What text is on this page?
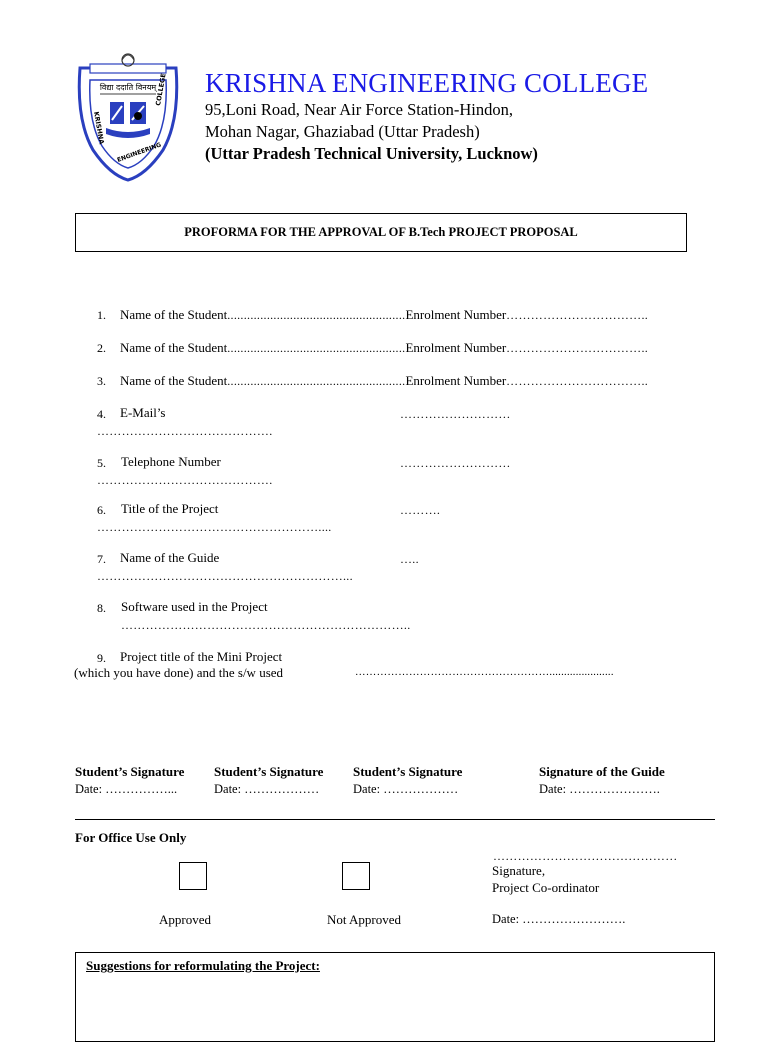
विद्या ददाति विनयम्
KRISHNA
ENGINEERING
COLLEGE KRISHNA ENGINEERING COLLEGE
95,Loni Road, Near Air Force Station-Hindon,
Mohan Nagar, Ghaziabad (Uttar Pradesh)
(Uttar Pradesh Technical University, Lucknow)
PROFORMA FOR THE APPROVAL OF B.Tech PROJECT PROPOSAL
1. Name of the Student......................................................Enrolment Number……………………………..
2. Name of the Student......................................................Enrolment Number……………………………..
3. Name of the Student......................................................Enrolment Number……………………………..
4. E-Mail’s	………………………
…………………………………….
5. Telephone Number	………………………
…………………………………….
6. Title of the Project	……….
………………………………………………....
7. Name of the Guide	…..
……………………………………………………...
8. Software used in the Project
……………………………………………………………..
9. Project title of the Mini Project
(which you have done) and the s/w used	………………………………………………......................
Student’s Signature
Date: ……………...
Student’s Signature
Date: ………………
Student’s Signature
Date: ………………
Signature of the Guide
Date: ………………….
For Office Use Only
Approved	Not Approved
………………………………………
Signature,
Project Co-ordinator
Date: …………………….
Suggestions for reformulating the Project:
